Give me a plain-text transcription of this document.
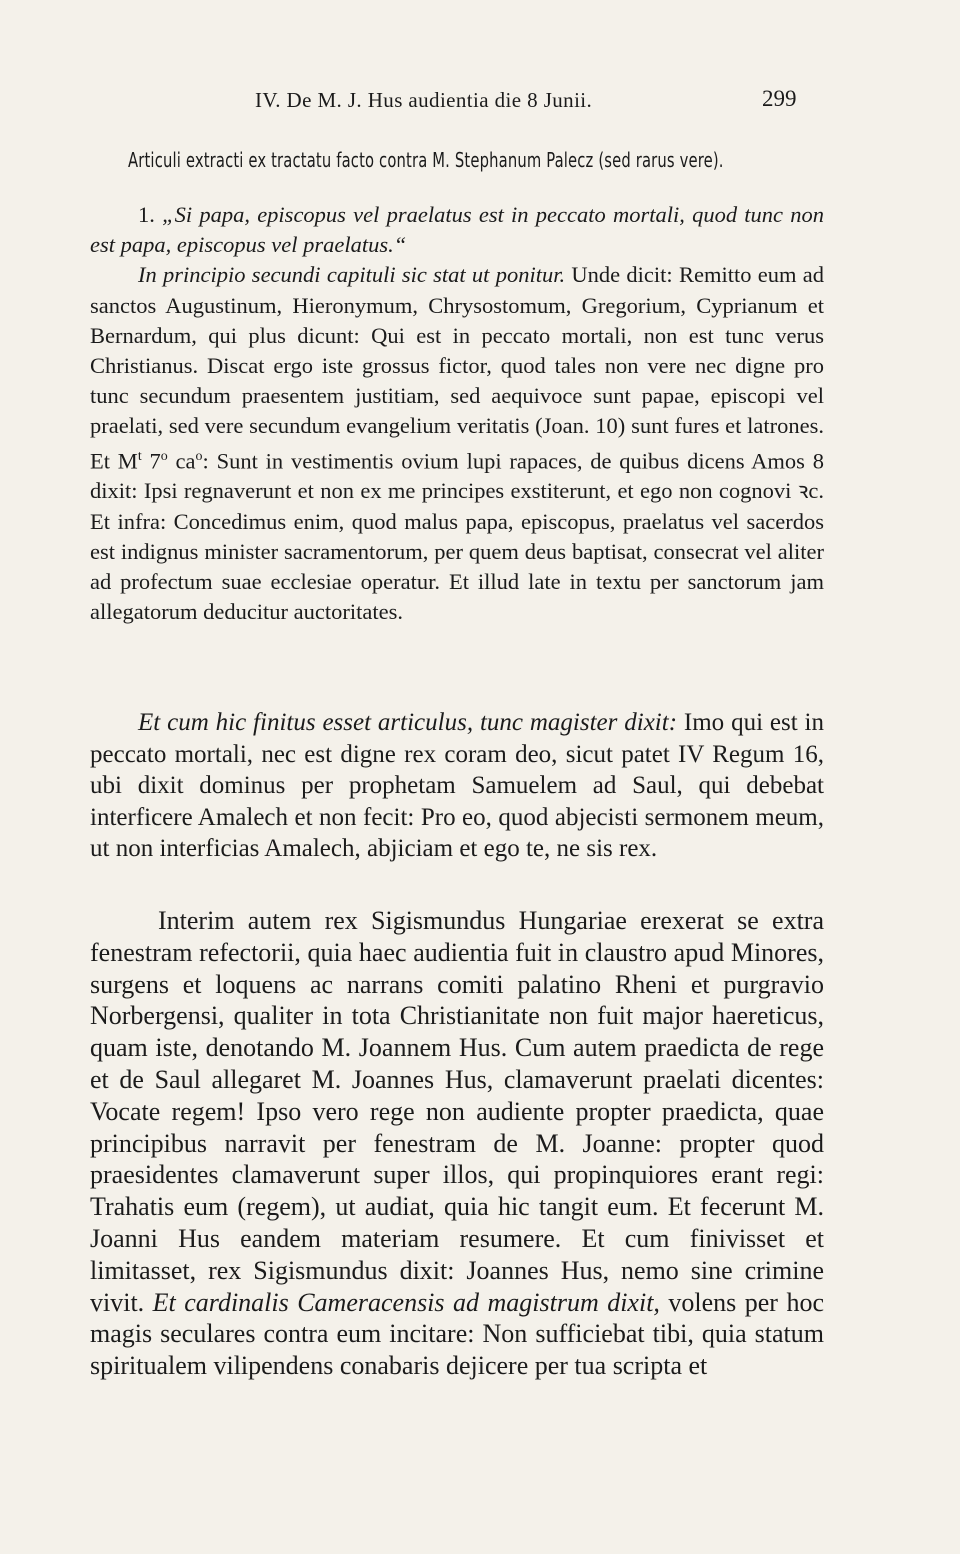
IV. De M. J. Hus audientia die 8 Junii.	299
Articuli extracti ex tractatu facto contra M. Stephanum Palecz (sed rarus vere).

1. „Si papa, episcopus vel praelatus est in peccato mortali, quod tunc non est papa, episcopus vel praelatus.“

In principio secundi capituli sic stat ut ponitur. Unde dicit: Remitto eum ad sanctos Augustinum, Hieronymum, Chrysostomum, Gregorium, Cyprianum et Bernardum, qui plus dicunt: Qui est in peccato mortali, non est tunc verus Christianus. Discat ergo iste grossus fictor, quod tales non vere nec digne pro tunc secundum praesentem justitiam, sed aequivoce sunt papae, episcopi vel praelati, sed vere secundum evangelium veritatis (Joan. 10) sunt fures et latrones. Et $M^t$ 7$^o$ $ca^o$: Sunt in vestimentis ovium lupi rapaces, de quibus dicens Amos 8 dixit: Ipsi regnaverunt et non ex me principes exstiterunt, et ego non cognovi ꝛc. Et infra: Concedimus enim, quod malus papa, episcopus, praelatus vel sacerdos est indignus minister sacramentorum, per quem deus baptisat, consecrat vel aliter ad profectum suae ecclesiae operatur. Et illud late in textu per sanctorum jam allegatorum deducitur auctoritates.

Et cum hic finitus esset articulus, tunc magister dixit: Imo qui est in peccato mortali, nec est digne rex coram deo, sicut patet IV Regum 16, ubi dixit dominus per prophetam Samuelem ad Saul, qui debebat interficere Amalech et non fecit: Pro eo, quod abjecisti sermonem meum, ut non interficias Amalech, abjiciam et ego te, ne sis rex.

Interim autem rex Sigismundus Hungariae erexerat se extra fenestram refectorii, quia haec audientia fuit in claustro apud Minores, surgens et loquens ac narrans comiti palatino Rheni et purgravio Norbergensi, qualiter in tota Christianitate non fuit major haereticus, quam iste, denotando M. Joannem Hus. Cum autem praedicta de rege et de Saul allegaret M. Joannes Hus, clamaverunt praelati dicentes: Vocate regem! Ipso vero rege non audiente propter praedicta, quae principibus narravit per fenestram de M. Joanne: propter quod praesidentes clamaverunt super illos, qui propinquiores erant regi: Trahatis eum (regem), ut audiat, quia hic tangit eum. Et fecerunt M. Joanni Hus eandem materiam resumere. Et cum finivisset et limitasset, rex Sigismundus dixit: Joannes Hus, nemo sine crimine vivit. Et cardinalis Cameracensis ad magistrum dixit, volens per hoc magis seculares contra eum incitare: Non sufficiebat tibi, quia statum spiritualem vilipendens conabaris dejicere per tua scripta et
